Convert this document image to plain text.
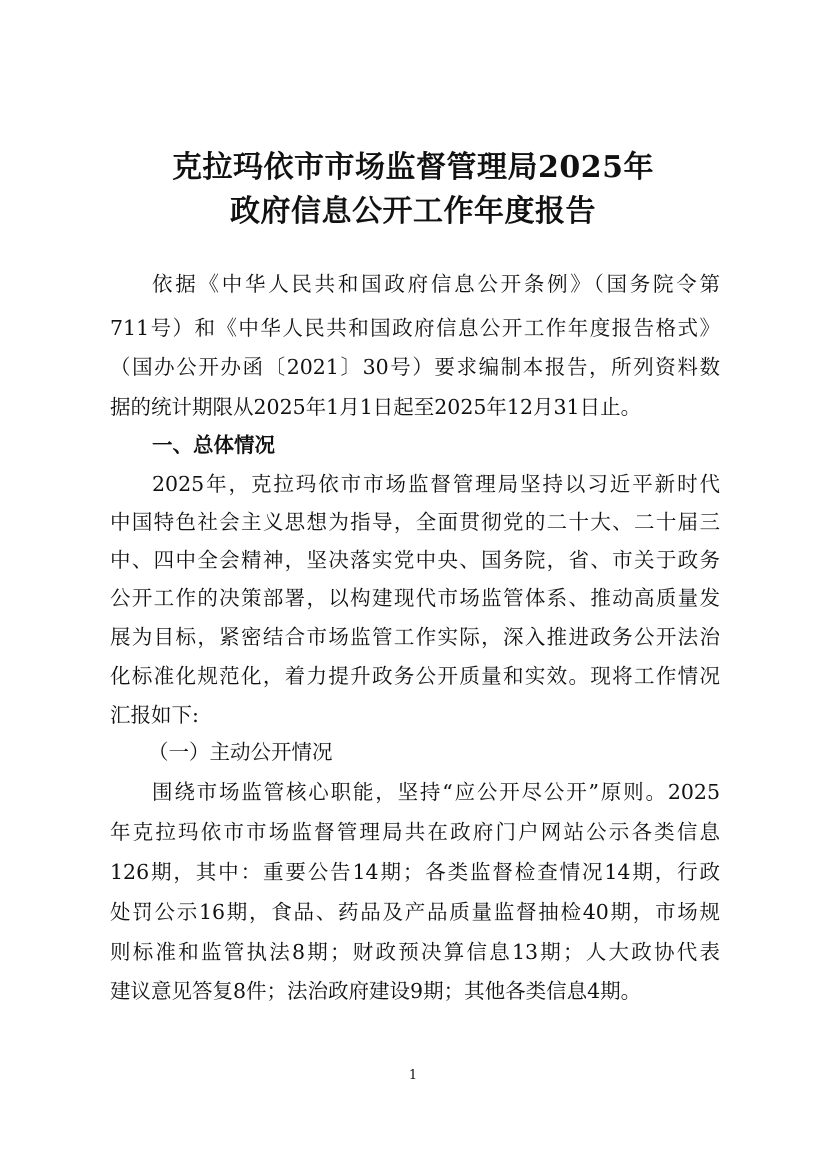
克拉玛依市市场监督管理局2025年
政府信息公开工作年度报告
依据《中华人民共和国政府信息公开条例》（国务院令第
711号）和《中华人民共和国政府信息公开工作年度报告格式》
（国办公开办函〔2021〕30号）要求编制本报告，所列资料数
据的统计期限从2025年1月1日起至2025年12月31日止。
一、总体情况
2025年，克拉玛依市市场监督管理局坚持以习近平新时代
中国特色社会主义思想为指导，全面贯彻党的二十大、二十届三
中、四中全会精神，坚决落实党中央、国务院，省、市关于政务
公开工作的决策部署，以构建现代市场监管体系、推动高质量发
展为目标，紧密结合市场监管工作实际，深入推进政务公开法治
化标准化规范化，着力提升政务公开质量和实效。现将工作情况
汇报如下:
（一）主动公开情况
围绕市场监管核心职能，坚持“应公开尽公开”原则。2025
年克拉玛依市市场监督管理局共在政府门户网站公示各类信息
126期，其中：重要公告14期；各类监督检查情况14期，行政
处罚公示16期，食品、药品及产品质量监督抽检40期，市场规
则标准和监管执法8期；财政预决算信息13期；人大政协代表
建议意见答复8件；法治政府建设9期；其他各类信息4期。
1
